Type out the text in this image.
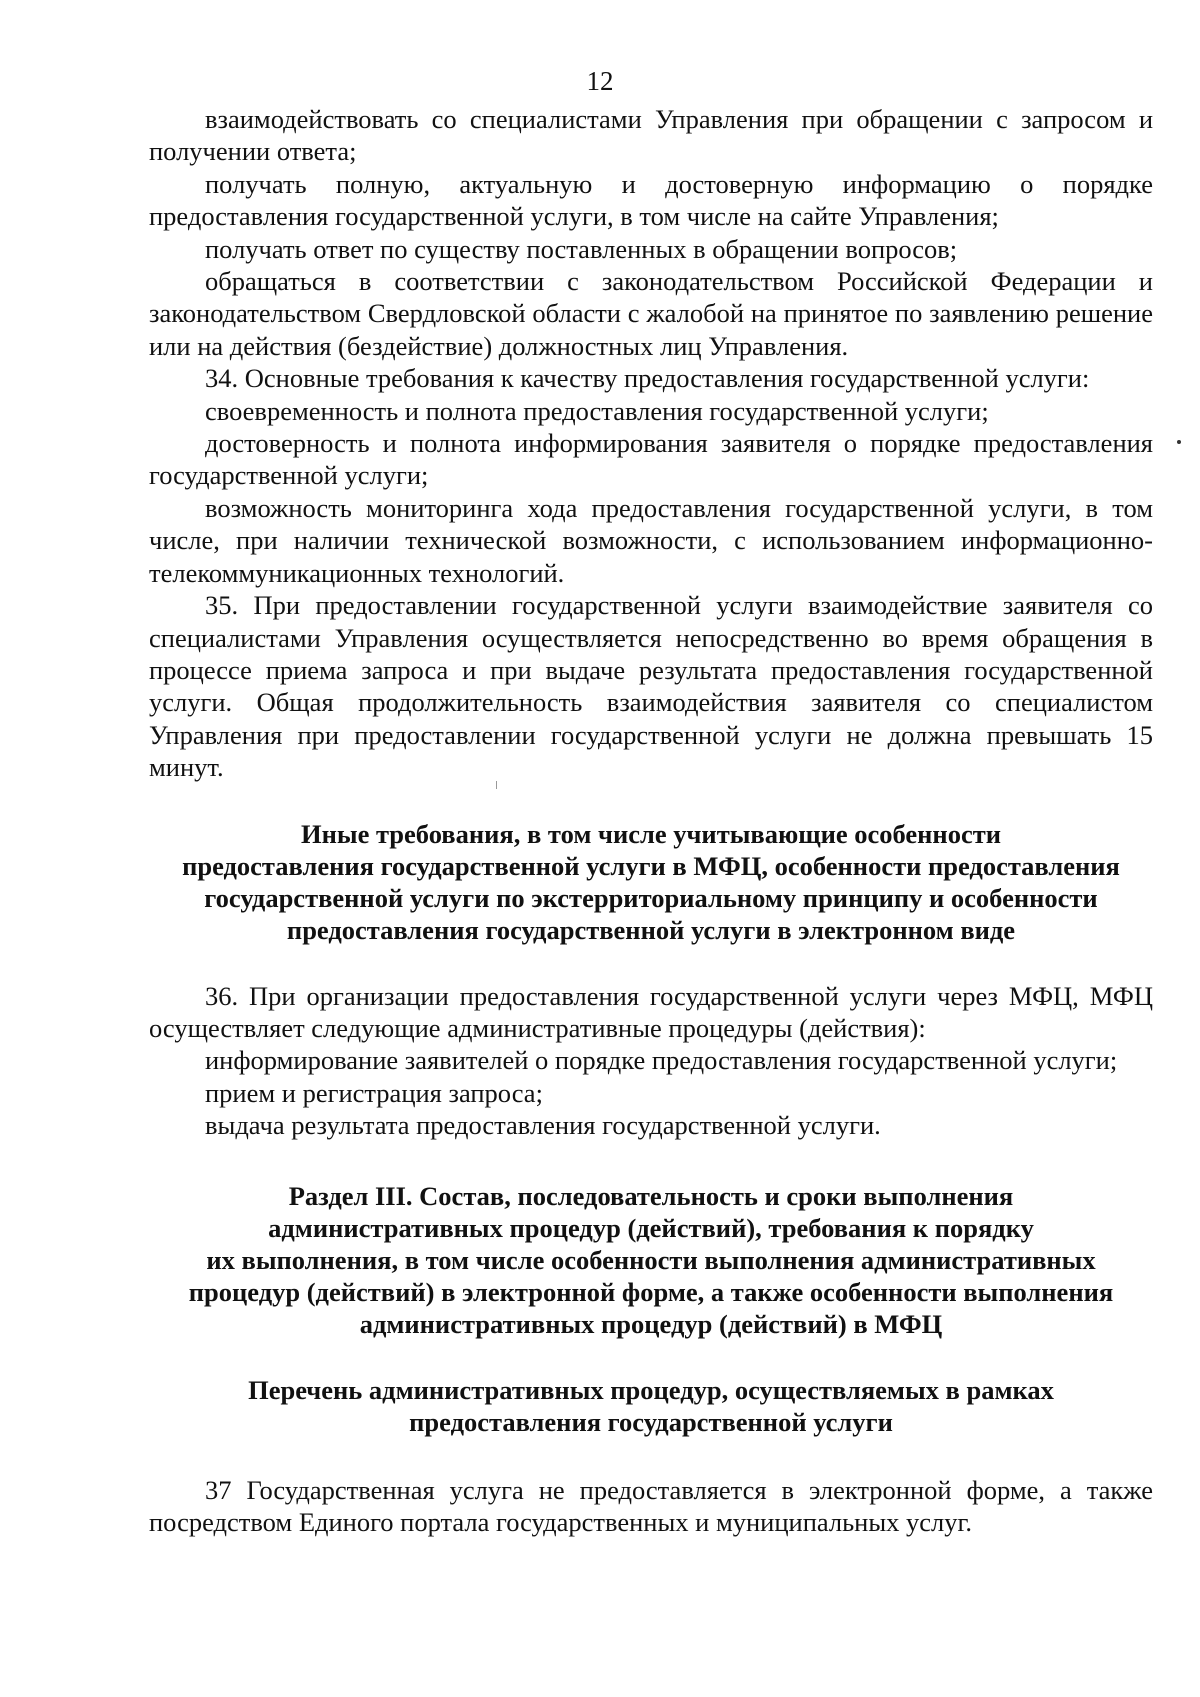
12

взаимодействовать со специалистами Управления при обращении с запросом и получении ответа;

получать полную, актуальную и достоверную информацию о порядке предоставления государственной услуги, в том числе на сайте Управления;

получать ответ по существу поставленных в обращении вопросов;

обращаться в соответствии с законодательством Российской Федерации и законодательством Свердловской области с жалобой на принятое по заявлению решение или на действия (бездействие) должностных лиц Управления.

34. Основные требования к качеству предоставления государственной услуги:

своевременность и полнота предоставления государственной услуги;

достоверность и полнота информирования заявителя о порядке предоставления государственной услуги;

возможность мониторинга хода предоставления государственной услуги, в том числе, при наличии технической возможности, с использованием информационно-телекоммуникационных технологий.

35. При предоставлении государственной услуги взаимодействие заявителя со специалистами Управления осуществляется непосредственно во время обращения в процессе приема запроса и при выдаче результата предоставления государственной услуги. Общая продолжительность взаимодействия заявителя со специалистом Управления при предоставлении государственной услуги не должна превышать 15 минут.

Иные требования, в том числе учитывающие особенности
предоставления государственной услуги в МФЦ, особенности предоставления
государственной услуги по экстерриториальному принципу и особенности
предоставления государственной услуги в электронном виде

36. При организации предоставления государственной услуги через МФЦ, МФЦ осуществляет следующие административные процедуры (действия):

информирование заявителей о порядке предоставления государственной услуги;

прием и регистрация запроса;

выдача результата предоставления государственной услуги.

Раздел III. Состав, последовательность и сроки выполнения
административных процедур (действий), требования к порядку
их выполнения, в том числе особенности выполнения административных
процедур (действий) в электронной форме, а также особенности выполнения
административных процедур (действий) в МФЦ
Перечень административных процедур, осуществляемых в рамках
предоставления государственной услуги

37 Государственная услуга не предоставляется в электронной форме, а также посредством Единого портала государственных и муниципальных услуг.
